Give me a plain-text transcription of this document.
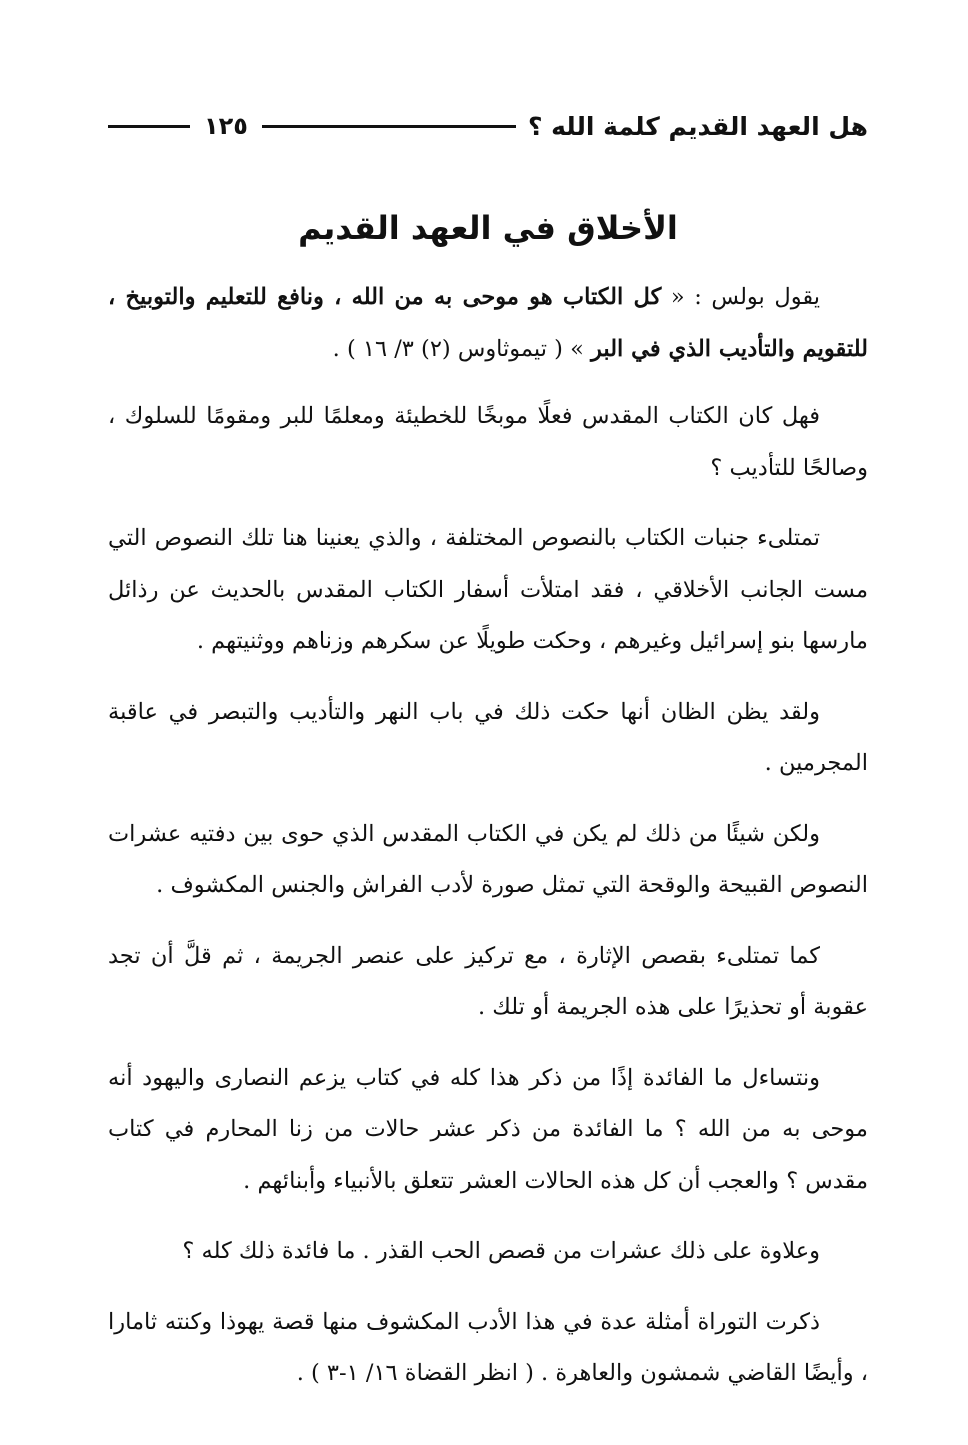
هل العهد القديم كلمة الله ؟
١٢٥
الأخلاق في العهد القديم

يقول بولس : « كل الكتاب هو موحى به من الله ، ونافع للتعليم والتوبيخ ، للتقويم والتأديب الذي في البر » ( تيموثاوس (٢) ٣/ ١٦ ) .

فهل كان الكتاب المقدس فعلًا موبخًا للخطيئة ومعلمًا للبر ومقومًا للسلوك ، وصالحًا للتأديب ؟

تمتلىء جنبات الكتاب بالنصوص المختلفة ، والذي يعنينا هنا تلك النصوص التي مست الجانب الأخلاقي ، فقد امتلأت أسفار الكتاب المقدس بالحديث عن رذائل مارسها بنو إسرائيل وغيرهم ، وحكت طويلًا عن سكرهم وزناهم ووثنيتهم .

ولقد يظن الظان أنها حكت ذلك في باب النهر والتأديب والتبصر في عاقبة المجرمين .

ولكن شيئًا من ذلك لم يكن في الكتاب المقدس الذي حوى بين دفتيه عشرات النصوص القبيحة والوقحة التي تمثل صورة لأدب الفراش والجنس المكشوف .

كما تمتلىء بقصص الإثارة ، مع تركيز على عنصر الجريمة ، ثم قلَّ أن تجد عقوبة أو تحذيرًا على هذه الجريمة أو تلك .

ونتساءل ما الفائدة إذًا من ذكر هذا كله في كتاب يزعم النصارى واليهود أنه موحى به من الله ؟ ما الفائدة من ذكر عشر حالات من زنا المحارم في كتاب مقدس ؟ والعجب أن كل هذه الحالات العشر تتعلق بالأنبياء وأبنائهم .

وعلاوة على ذلك عشرات من قصص الحب القذر . ما فائدة ذلك كله ؟

ذكرت التوراة أمثلة عدة في هذا الأدب المكشوف منها قصة يهوذا وكنته ثامارا ، وأيضًا القاضي شمشون والعاهرة . ( انظر القضاة ١٦/ ١-٣ ) .
